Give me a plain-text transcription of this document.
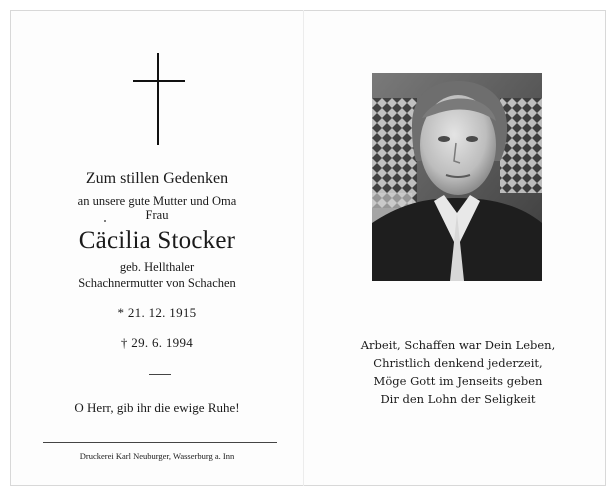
Zum stillen Gedenken
an unsere gute Mutter und Oma
Frau
Cäcilia Stocker
geb. Hellthaler
Schachnermutter von Schachen
* 21. 12. 1915
† 29. 6. 1994
O Herr, gib ihr die ewige Ruhe!
Druckerei Karl Neuburger, Wasserburg a. Inn
Arbeit, Schaffen war Dein Leben,
Christlich denkend jederzeit,
Möge Gott im Jenseits geben
Dir den Lohn der Seligkeit
